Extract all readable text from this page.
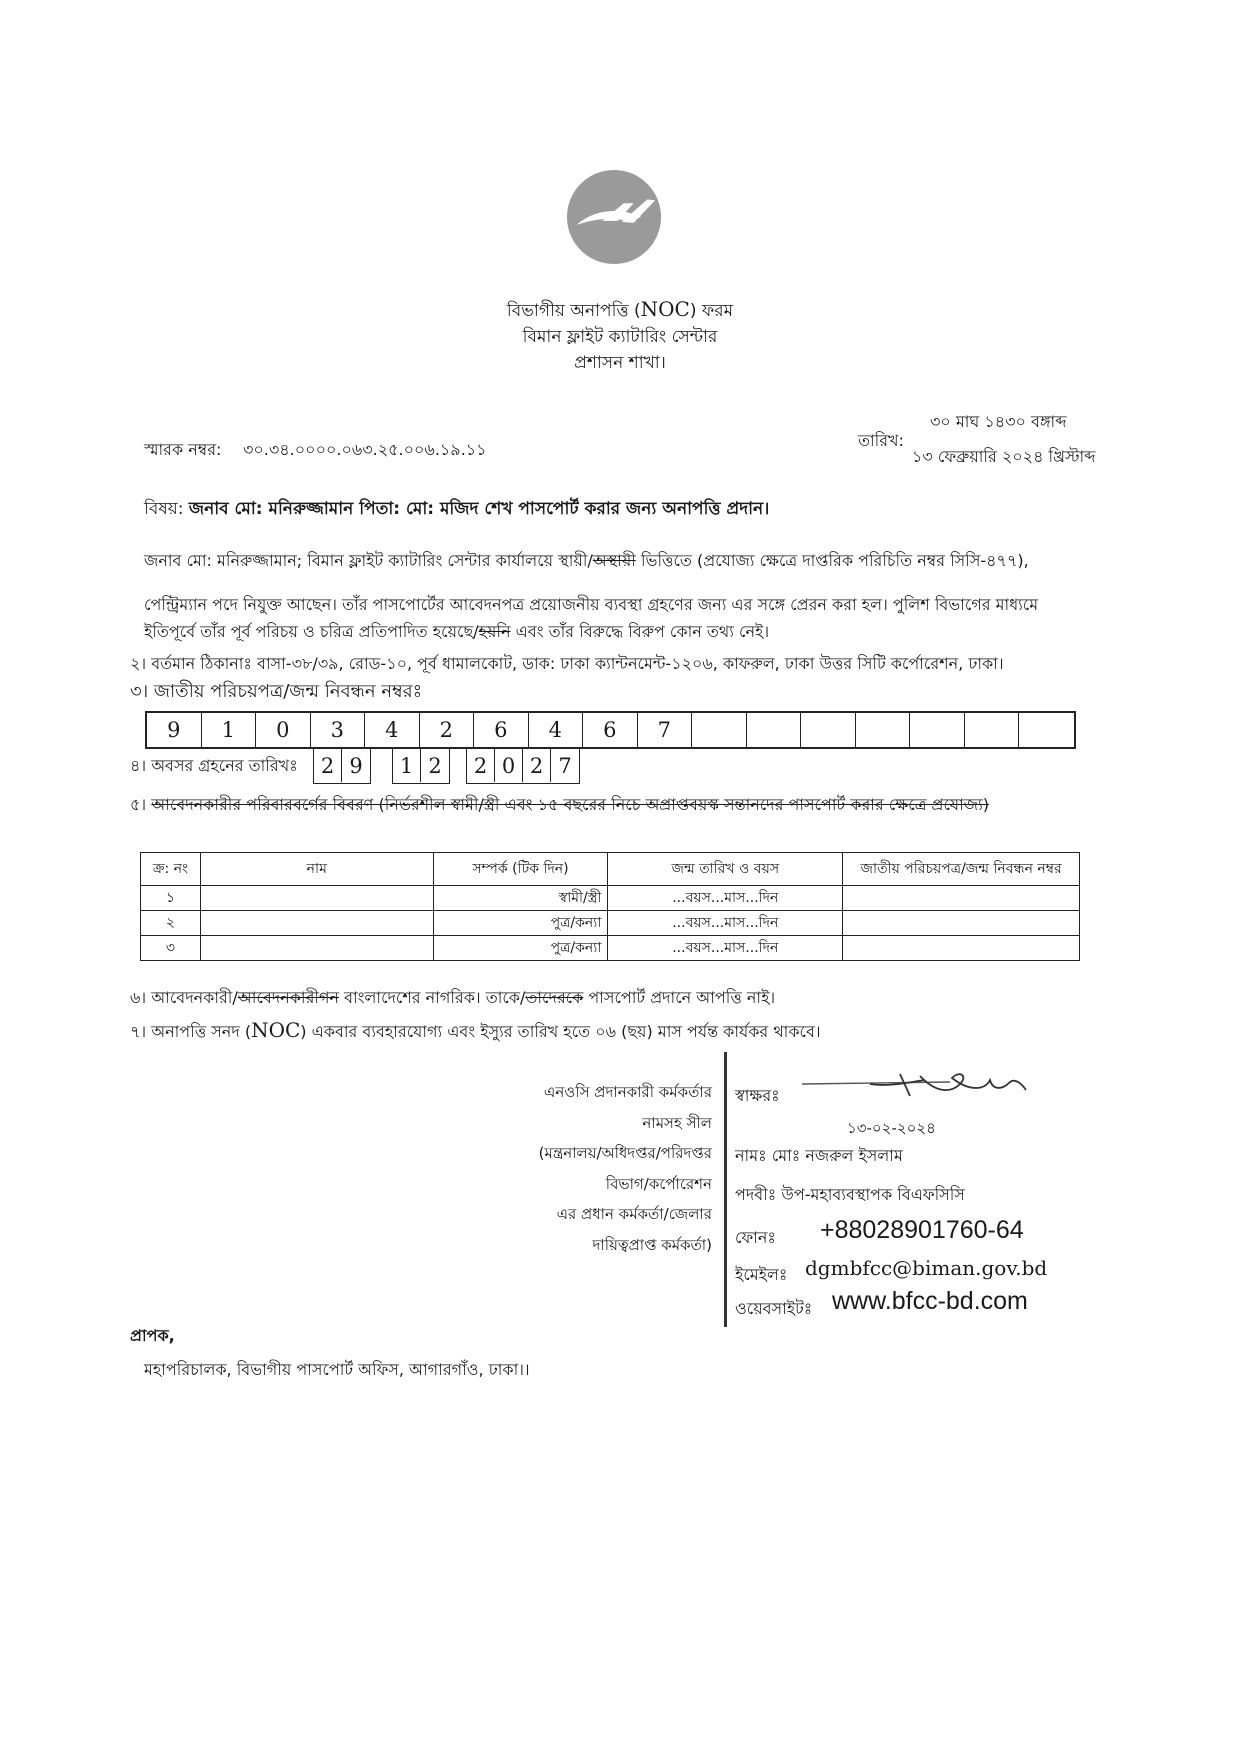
বিভাগীয় অনাপত্তি (NOC) ফরম
বিমান ফ্লাইট ক্যাটারিং সেন্টার
প্রশাসন শাখা।
৩০ মাঘ ১৪৩০ বঙ্গাব্দ
তারিখ:
স্মারক নম্বর: ৩০.৩৪.০০০০.০৬৩.২৫.০০৬.১৯.১১	১৩ ফেব্রুয়ারি ২০২৪ খ্রিস্টাব্দ
বিষয়: জনাব মো: মনিরুজ্জামান পিতা: মো: মজিদ শেখ পাসপোর্ট করার জন্য অনাপত্তি প্রদান।
জনাব মো: মনিরুজ্জামান; বিমান ফ্লাইট ক্যাটারিং সেন্টার কার্যালয়ে স্থায়ী/অস্থায়ী ভিত্তিতে (প্রযোজ্য ক্ষেত্রে দাপ্তরিক পরিচিতি নম্বর সিসি-৪৭৭),
পেন্ট্রিম্যান পদে নিযুক্ত আছেন। তাঁর পাসপোর্টের আবেদনপত্র প্রয়োজনীয় ব্যবস্থা গ্রহণের জন্য এর সঙ্গে প্রেরন করা হল। পুলিশ বিভাগের মাধ্যমে
ইতিপূর্বে তাঁর পূর্ব পরিচয় ও চরিত্র প্রতিপাদিত হয়েছে/হয়নি এবং তাঁর বিরুদ্ধে বিরুপ কোন তথ্য নেই।
২। বর্তমান ঠিকানাঃ বাসা-৩৮/৩৯, রোড-১০, পূর্ব ধামালকোট, ডাক: ঢাকা ক্যান্টনমেন্ট-১২০৬, কাফরুল, ঢাকা উত্তর সিটি কর্পোরেশন, ঢাকা।
৩। জাতীয় পরিচয়পত্র/জন্ম নিবন্ধন নম্বরঃ
9	1	0	3	4	2	6	4	6	7
৪। অবসর গ্রহনের তারিখঃ	2 9	1 2	2 0 2 7
৫। আবেদনকারীর পরিবারবর্গের বিবরণ (নির্ভরশীল স্বামী/স্ত্রী এবং ১৫ বছরের নিচে অপ্রাপ্তবয়স্ক সন্তানদের পাসপোর্ট করার ক্ষেত্রে প্রযোজ্য)
ক্র: নং	নাম	সম্পর্ক (টিক দিন)	জন্ম তারিখ ও বয়স	জাতীয় পরিচয়পত্র/জন্ম নিবন্ধন নম্বর
১		স্বামী/স্ত্রী	...বয়স...মাস...দিন	
২		পুত্র/কন্যা	...বয়স...মাস...দিন	
৩		পুত্র/কন্যা	...বয়স...মাস...দিন	
৬। আবেদনকারী/আবেদনকারীগন বাংলাদেশের নাগরিক। তাকে/তাদেরকে পাসপোর্ট প্রদানে আপত্তি নাই।
৭। অনাপত্তি সনদ (NOC) একবার ব্যবহারযোগ্য এবং ইস্যুর তারিখ হতে ০৬ (ছয়) মাস পর্যন্ত কার্যকর থাকবে।
এনওসি প্রদানকারী কর্মকর্তার
নামসহ সীল
(মন্ত্রনালয়/অধিদপ্তর/পরিদপ্তর
বিভাগ/কর্পোরেশন
এর প্রধান কর্মকর্তা/জেলার
দায়িত্বপ্রাপ্ত কর্মকর্তা)
স্বাক্ষরঃ
১৩-০২-২০২৪
নামঃ মোঃ নজরুল ইসলাম
পদবীঃ উপ-মহাব্যবস্থাপক বিএফসিসি
ফোনঃ +88028901760-64
ইমেইলঃ dgmbfcc@biman.gov.bd
ওয়েবসাইটঃ www.bfcc-bd.com
প্রাপক,
মহাপরিচালক, বিভাগীয় পাসপোর্ট অফিস, আগারগাঁও, ঢাকা।।
